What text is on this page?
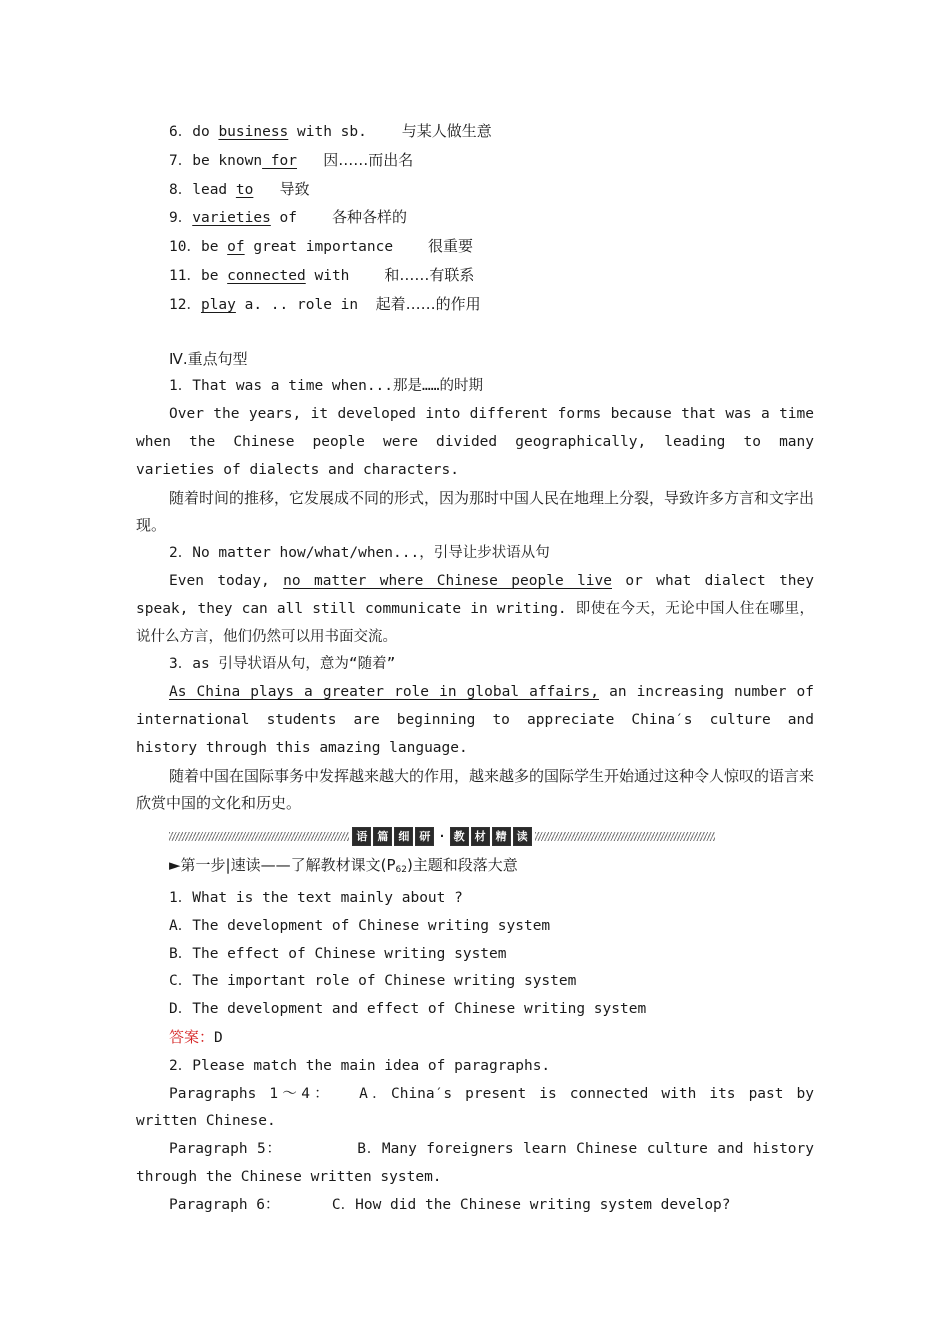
6．do business with sb. 与某人做生意
7．be known for 因……而出名
8．lead to 导致
9．varieties of 各种各样的
10．be of great importance 很重要
11．be connected with 和……有联系
12．play a. .. role in 起着……的作用
Ⅳ.重点句型
1．That was a time when...那是……的时期
Over the years, it developed into different forms because that was a time when the Chinese people were divided geographically, leading to many varieties of dialects and characters.
随着时间的推移，它发展成不同的形式，因为那时中国人民在地理上分裂，导致许多方言和文字出现。
2．No matter how/what/when...，引导让步状语从句
Even today, no matter where Chinese people live or what dialect they speak, they can all still communicate in writing. 即使在今天，无论中国人住在哪里，说什么方言，他们仍然可以用书面交流。
3．as 引导状语从句，意为“随着”
As China plays a greater role in global affairs, an increasing number of international students are beginning to appreciate China′s culture and history through this amazing language.
随着中国在国际事务中发挥越来越大的作用，越来越多的国际学生开始通过这种令人惊叹的语言来欣赏中国的文化和历史。
语 篇 细 研 · 教 材 精 读
►第一步|速读——了解教材课文$(P_{62})$主题和段落大意
1．What is the text mainly about ?
A．The development of Chinese writing system
B．The effect of Chinese writing system
C．The important role of Chinese writing system
D．The development and effect of Chinese writing system
答案：D
2．Please match the main idea of paragraphs.
Paragraphs 1～4：  A．China′s present is connected with its past by written Chinese.
Paragraph 5：        B．Many foreigners learn Chinese culture and history through the Chinese written system.
Paragraph 6：      C．How did the Chinese writing system develop?
